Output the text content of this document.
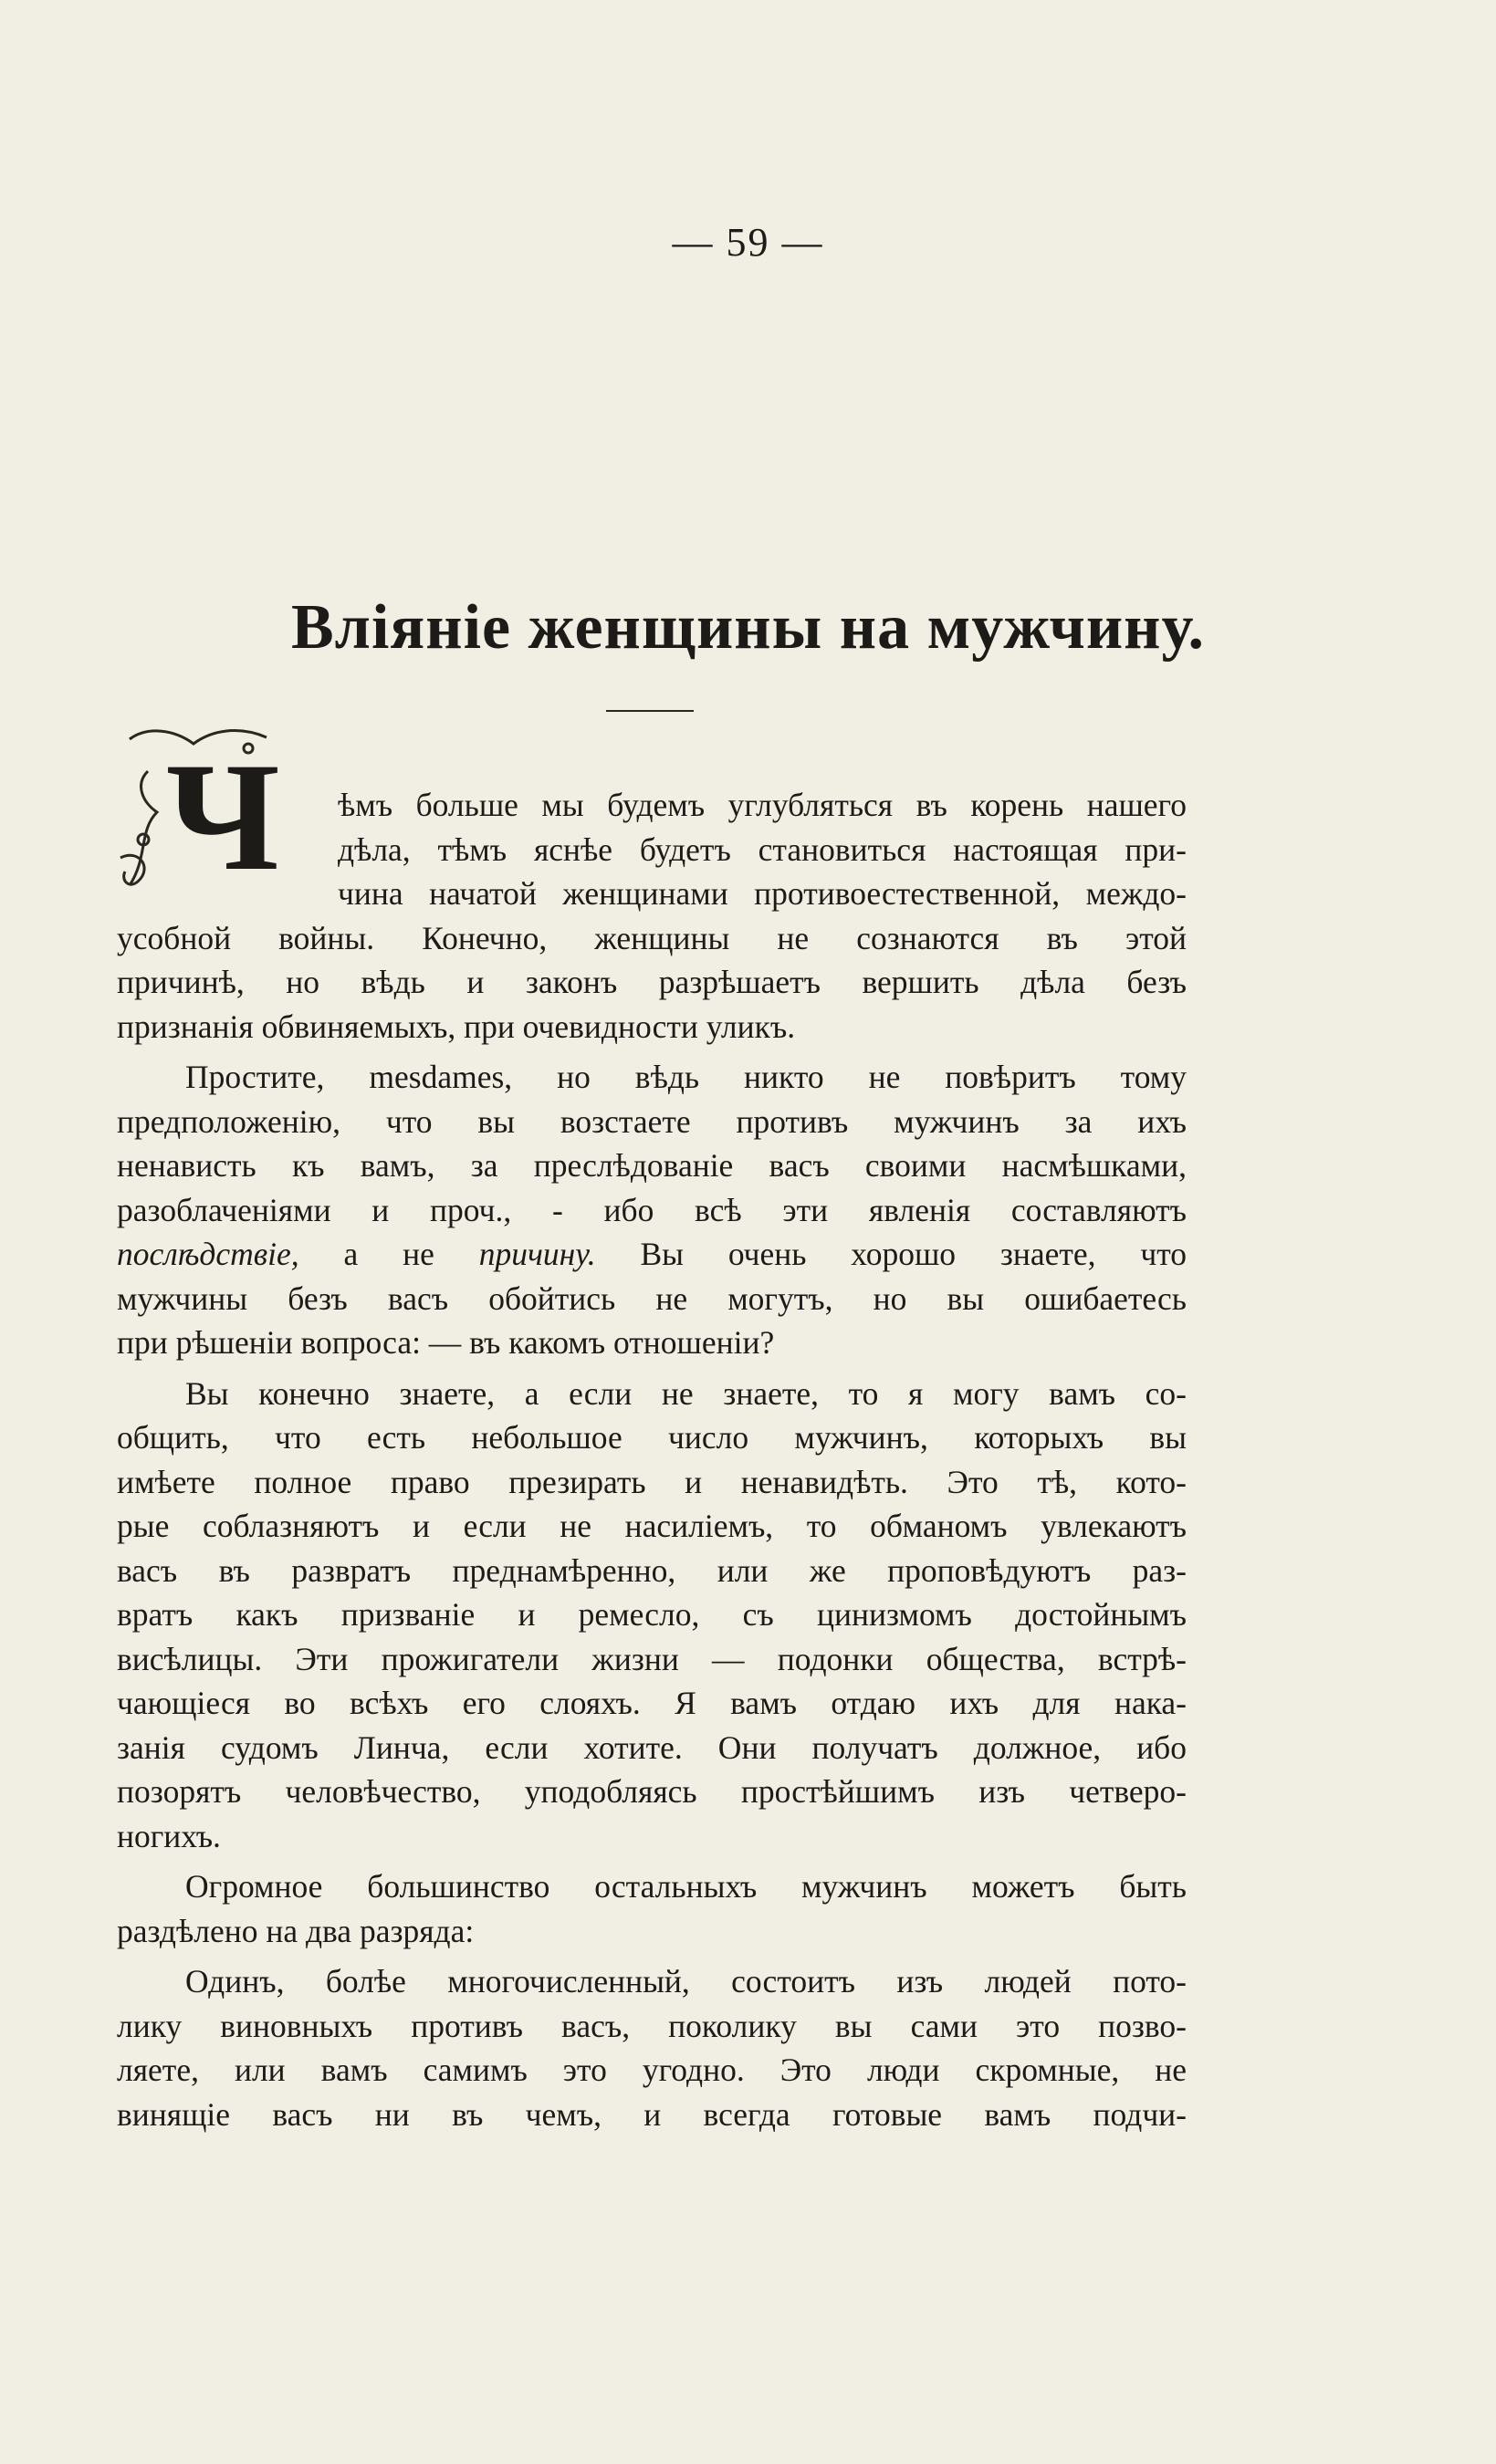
— 59 —
Вліяніе женщины на мужчину.
Ч	ѣмъ больше мы будемъ углубляться въ корень нашего
дѣла, тѣмъ яснѣе будетъ становиться настоящая при-
чина начатой женщинами противоестественной, междо-
усобной войны. Конечно, женщины не сознаются въ этой
причинѣ, но вѣдь и законъ разрѣшаетъ вершить дѣла безъ
признанія обвиняемыхъ, при очевидности уликъ.
Простите, mesdames, но вѣдь никто не повѣритъ тому
предположенію, что вы возстаете противъ мужчинъ за ихъ
ненависть къ вамъ, за преслѣдованіе васъ своими насмѣшками,
разоблаченіями и проч., - ибо всѣ эти явленія составляютъ
послѣдствіе, а не причину. Вы очень хорошо знаете, что
мужчины безъ васъ обойтись не могутъ, но вы ошибаетесь
при рѣшеніи вопроса: — въ какомъ отношеніи?
Вы конечно знаете, а если не знаете, то я могу вамъ со-
общить, что есть небольшое число мужчинъ, которыхъ вы
имѣете полное право презирать и ненавидѣть. Это тѣ, кото-
рые соблазняютъ и если не насиліемъ, то обманомъ увлекаютъ
васъ въ развратъ преднамѣренно, или же проповѣдуютъ раз-
вратъ какъ призваніе и ремесло, съ цинизмомъ достойнымъ
висѣлицы. Эти прожигатели жизни — подонки общества, встрѣ-
чающіеся во всѣхъ его слояхъ. Я вамъ отдаю ихъ для нака-
занія судомъ Линча, если хотите. Они получатъ должное, ибо
позорятъ человѣчество, уподобляясь простѣйшимъ изъ четверо-
ногихъ.
Огромное большинство остальныхъ мужчинъ можетъ быть
раздѣлено на два разряда:
Одинъ, болѣе многочисленный, состоитъ изъ людей пото-
лику виновныхъ противъ васъ, поколику вы сами это позво-
ляете, или вамъ самимъ это угодно. Это люди скромные, не
винящіе васъ ни въ чемъ, и всегда готовые вамъ подчи-
